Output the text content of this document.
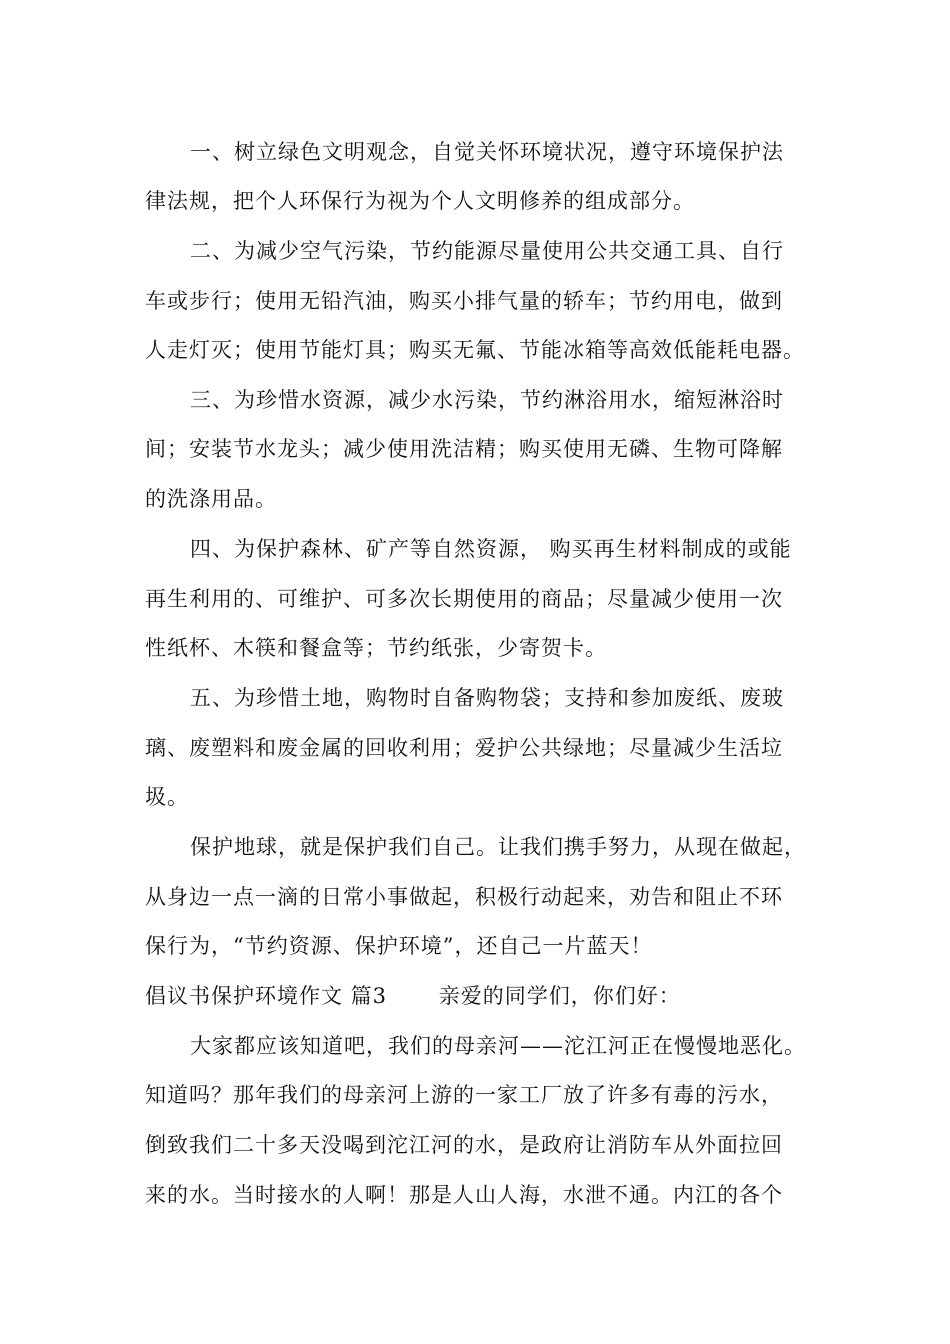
一、树立绿色文明观念，自觉关怀环境状况，遵守环境保护法
律法规，把个人环保行为视为个人文明修养的组成部分。
二、为减少空气污染，节约能源尽量使用公共交通工具、自行
车或步行；使用无铅汽油，购买小排气量的轿车；节约用电，做到
人走灯灭；使用节能灯具；购买无氟、节能冰箱等高效低能耗电器。
三、为珍惜水资源，减少水污染，节约淋浴用水，缩短淋浴时
间；安装节水龙头；减少使用洗洁精；购买使用无磷、生物可降解
的洗涤用品。
四、为保护森林、矿产等自然资源， 购买再生材料制成的或能
再生利用的、可维护、可多次长期使用的商品；尽量减少使用一次
性纸杯、木筷和餐盒等；节约纸张，少寄贺卡。
五、为珍惜土地，购物时自备购物袋；支持和参加废纸、废玻
璃、废塑料和废金属的回收利用；爱护公共绿地；尽量减少生活垃
圾。
保护地球，就是保护我们自己。让我们携手努力，从现在做起，
从身边一点一滴的日常小事做起，积极行动起来，劝告和阻止不环
保行为，“节约资源、保护环境”，还自己一片蓝天！
倡议书保护环境作文 篇3 　　亲爱的同学们，你们好：
大家都应该知道吧，我们的母亲河——沱江河正在慢慢地恶化。
知道吗？那年我们的母亲河上游的一家工厂放了许多有毒的污水，
倒致我们二十多天没喝到沱江河的水，是政府让消防车从外面拉回
来的水。当时接水的人啊！那是人山人海，水泄不通。内江的各个
